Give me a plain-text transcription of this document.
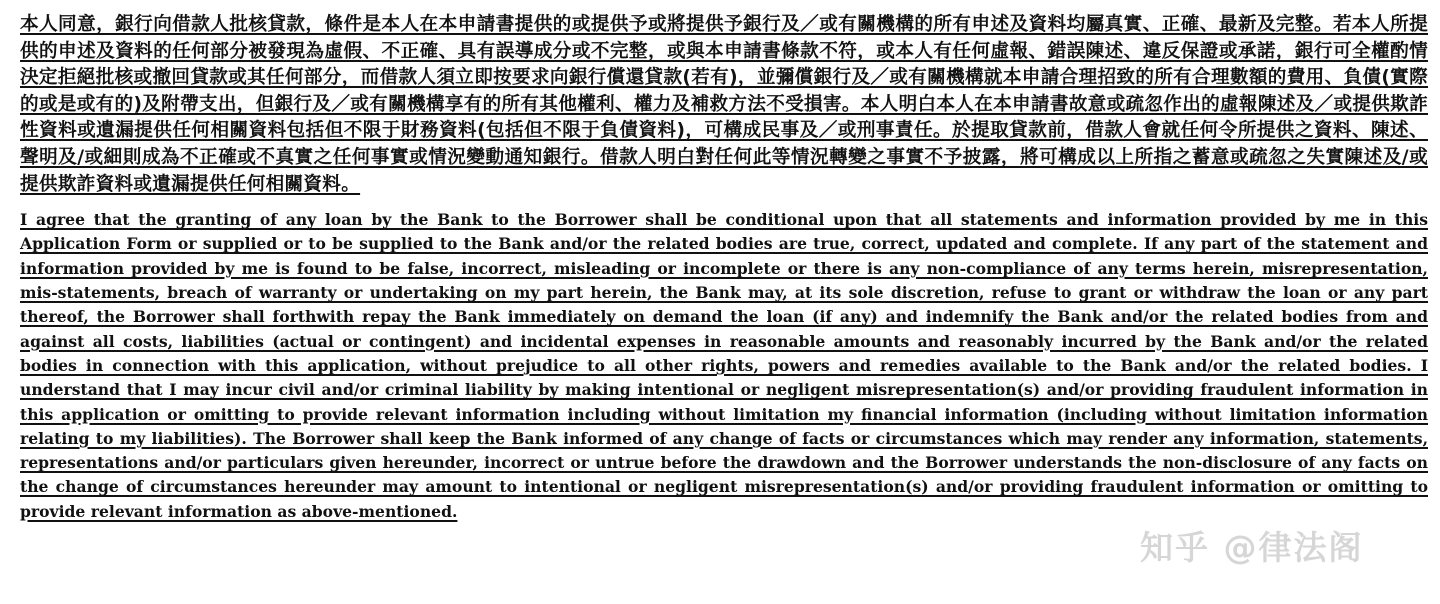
本人同意，銀行向借款人批核貸款，條件是本人在本申請書提供的或提供予或將提供予銀行及／或有關機構的所有申述及資料均屬真實、正確、最新及完整。若本人所提供的申述及資料的任何部分被發現為虛假、不正確、具有誤導成分或不完整，或與本申請書條款不符，或本人有任何虛報、錯誤陳述、違反保證或承諾，銀行可全權酌情決定拒絕批核或撤回貸款或其任何部分，而借款人須立即按要求向銀行償還貸款(若有)，並彌償銀行及／或有關機構就本申請合理招致的所有合理數額的費用、負債(實際的或是或有的)及附帶支出，但銀行及／或有關機構享有的所有其他權利、權力及補救方法不受損害。本人明白本人在本申請書故意或疏忽作出的虛報陳述及／或提供欺詐性資料或遺漏提供任何相關資料包括但不限于財務資料(包括但不限于負債資料)，可構成民事及／或刑事責任。於提取貸款前，借款人會就任何令所提供之資料、陳述、聲明及/或細則成為不正確或不真實之任何事實或情況變動通知銀行。借款人明白對任何此等情況轉變之事實不予披露，將可構成以上所指之蓄意或疏忽之失實陳述及/或提供欺詐資料或遺漏提供任何相關資料。

I agree that the granting of any loan by the Bank to the Borrower shall be conditional upon that all statements and information provided by me in this Application Form or supplied or to be supplied to the Bank and/or the related bodies are true, correct, updated and complete. If any part of the statement and information provided by me is found to be false, incorrect, misleading or incomplete or there is any non-compliance of any terms herein, misrepresentation, mis-statements, breach of warranty or undertaking on my part herein, the Bank may, at its sole discretion, refuse to grant or withdraw the loan or any part thereof, the Borrower shall forthwith repay the Bank immediately on demand the loan (if any) and indemnify the Bank and/or the related bodies from and against all costs, liabilities (actual or contingent) and incidental expenses in reasonable amounts and reasonably incurred by the Bank and/or the related bodies in connection with this application, without prejudice to all other rights, powers and remedies available to the Bank and/or the related bodies. I understand that I may incur civil and/or criminal liability by making intentional or negligent misrepresentation(s) and/or providing fraudulent information in this application or omitting to provide relevant information including without limitation my financial information (including without limitation information relating to my liabilities). The Borrower shall keep the Bank informed of any change of facts or circumstances which may render any information, statements, representations and/or particulars given hereunder, incorrect or untrue before the drawdown and the Borrower understands the non-disclosure of any facts on the change of circumstances hereunder may amount to intentional or negligent misrepresentation(s) and/or providing fraudulent information or omitting to provide relevant information as above-mentioned.

知乎 @律法阁
